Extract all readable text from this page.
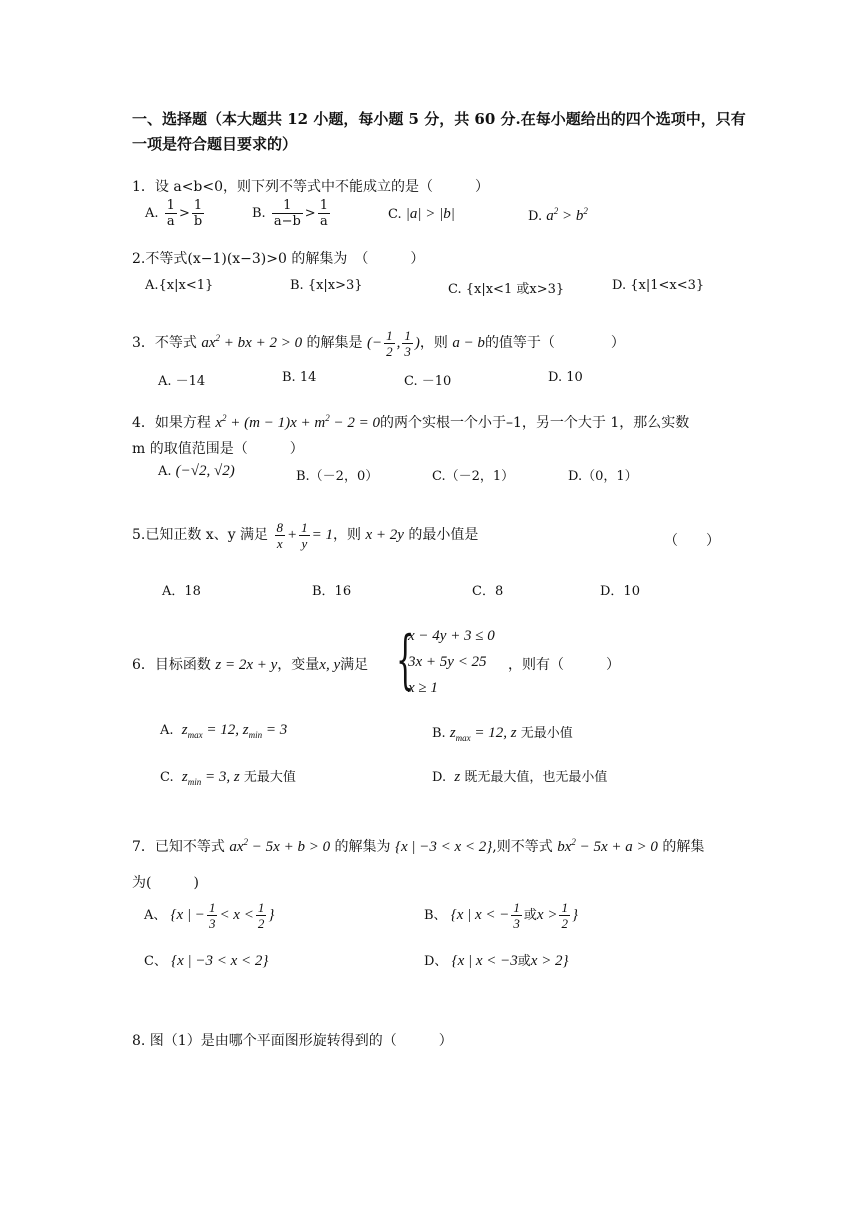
一、选择题（本大题共 12 小题，每小题 5 分，共 60 分.在每小题给出的四个选项中，只有
一项是符合题目要求的）
1．设 a<b<0，则下列不等式中不能成立的是（　　　）
A. $\frac{1}{a} > \frac{1}{b}$	B. $\frac{1}{a-b} > \frac{1}{a}$	C. |a| > |b|	D. $a^2 > b^2$
2.不等式(x−1)(x−3)>0 的解集为　（　　　）
A.{x|x<1}	B. {x|x>3}	C. {x|x<1 或x>3}	D. {x|1<x<3}
3．不等式 $ax^2$ + bx + 2 > 0 的解集是 (− $\frac{1}{2}$ , $\frac{1}{3}$ )，则 a − b的值等于（　　　　）
A. －14	B. 14	C. －10	D. 10
4．如果方程 $x^2 + (m - 1)x + m^2 - 2 = 0$的两个实根一个小于–1，另一个大于 1，那么实数
m 的取值范围是（　　　）
A. (−√2, √2)	B.（－2，0）	C.（－2，1）	D.（0，1）
5.已知正数 x、y 满足 $\frac{8}{x} + \frac{1}{y} = 1$，则 x + 2y 的最小值是	（　　）
A．18	B．16	C．8	D．10
6．目标函数 z = 2x + y，变量x, y满足 {
x − 4y + 3 ≤ 0
3x + 5y < 25
x ≥ 1
，则有（　　　）
A. $z_{max} = 12$, $z_{min} = 3$	B. $z_{max} = 12$, z 无最小值
C. $z_{min} = 3$, z 无最大值	D. z 既无最大值，也无最小值
7．已知不等式 $ax^2 - 5x + b > 0$ 的解集为 {x | −3 < x < 2},则不等式 $bx^2 - 5x + a > 0$ 的解集
为(　　　)
A、 {x | − $\frac{1}{3} < x < \frac{1}{2}$ }	B、 {x | x < − $\frac{1}{3}$ 或$x > \frac{1}{2}$ }
C、 {x | −3 < x < 2}	D、 {x | x < −3或x > 2}
8. 图（1）是由哪个平面图形旋转得到的（　　　）
